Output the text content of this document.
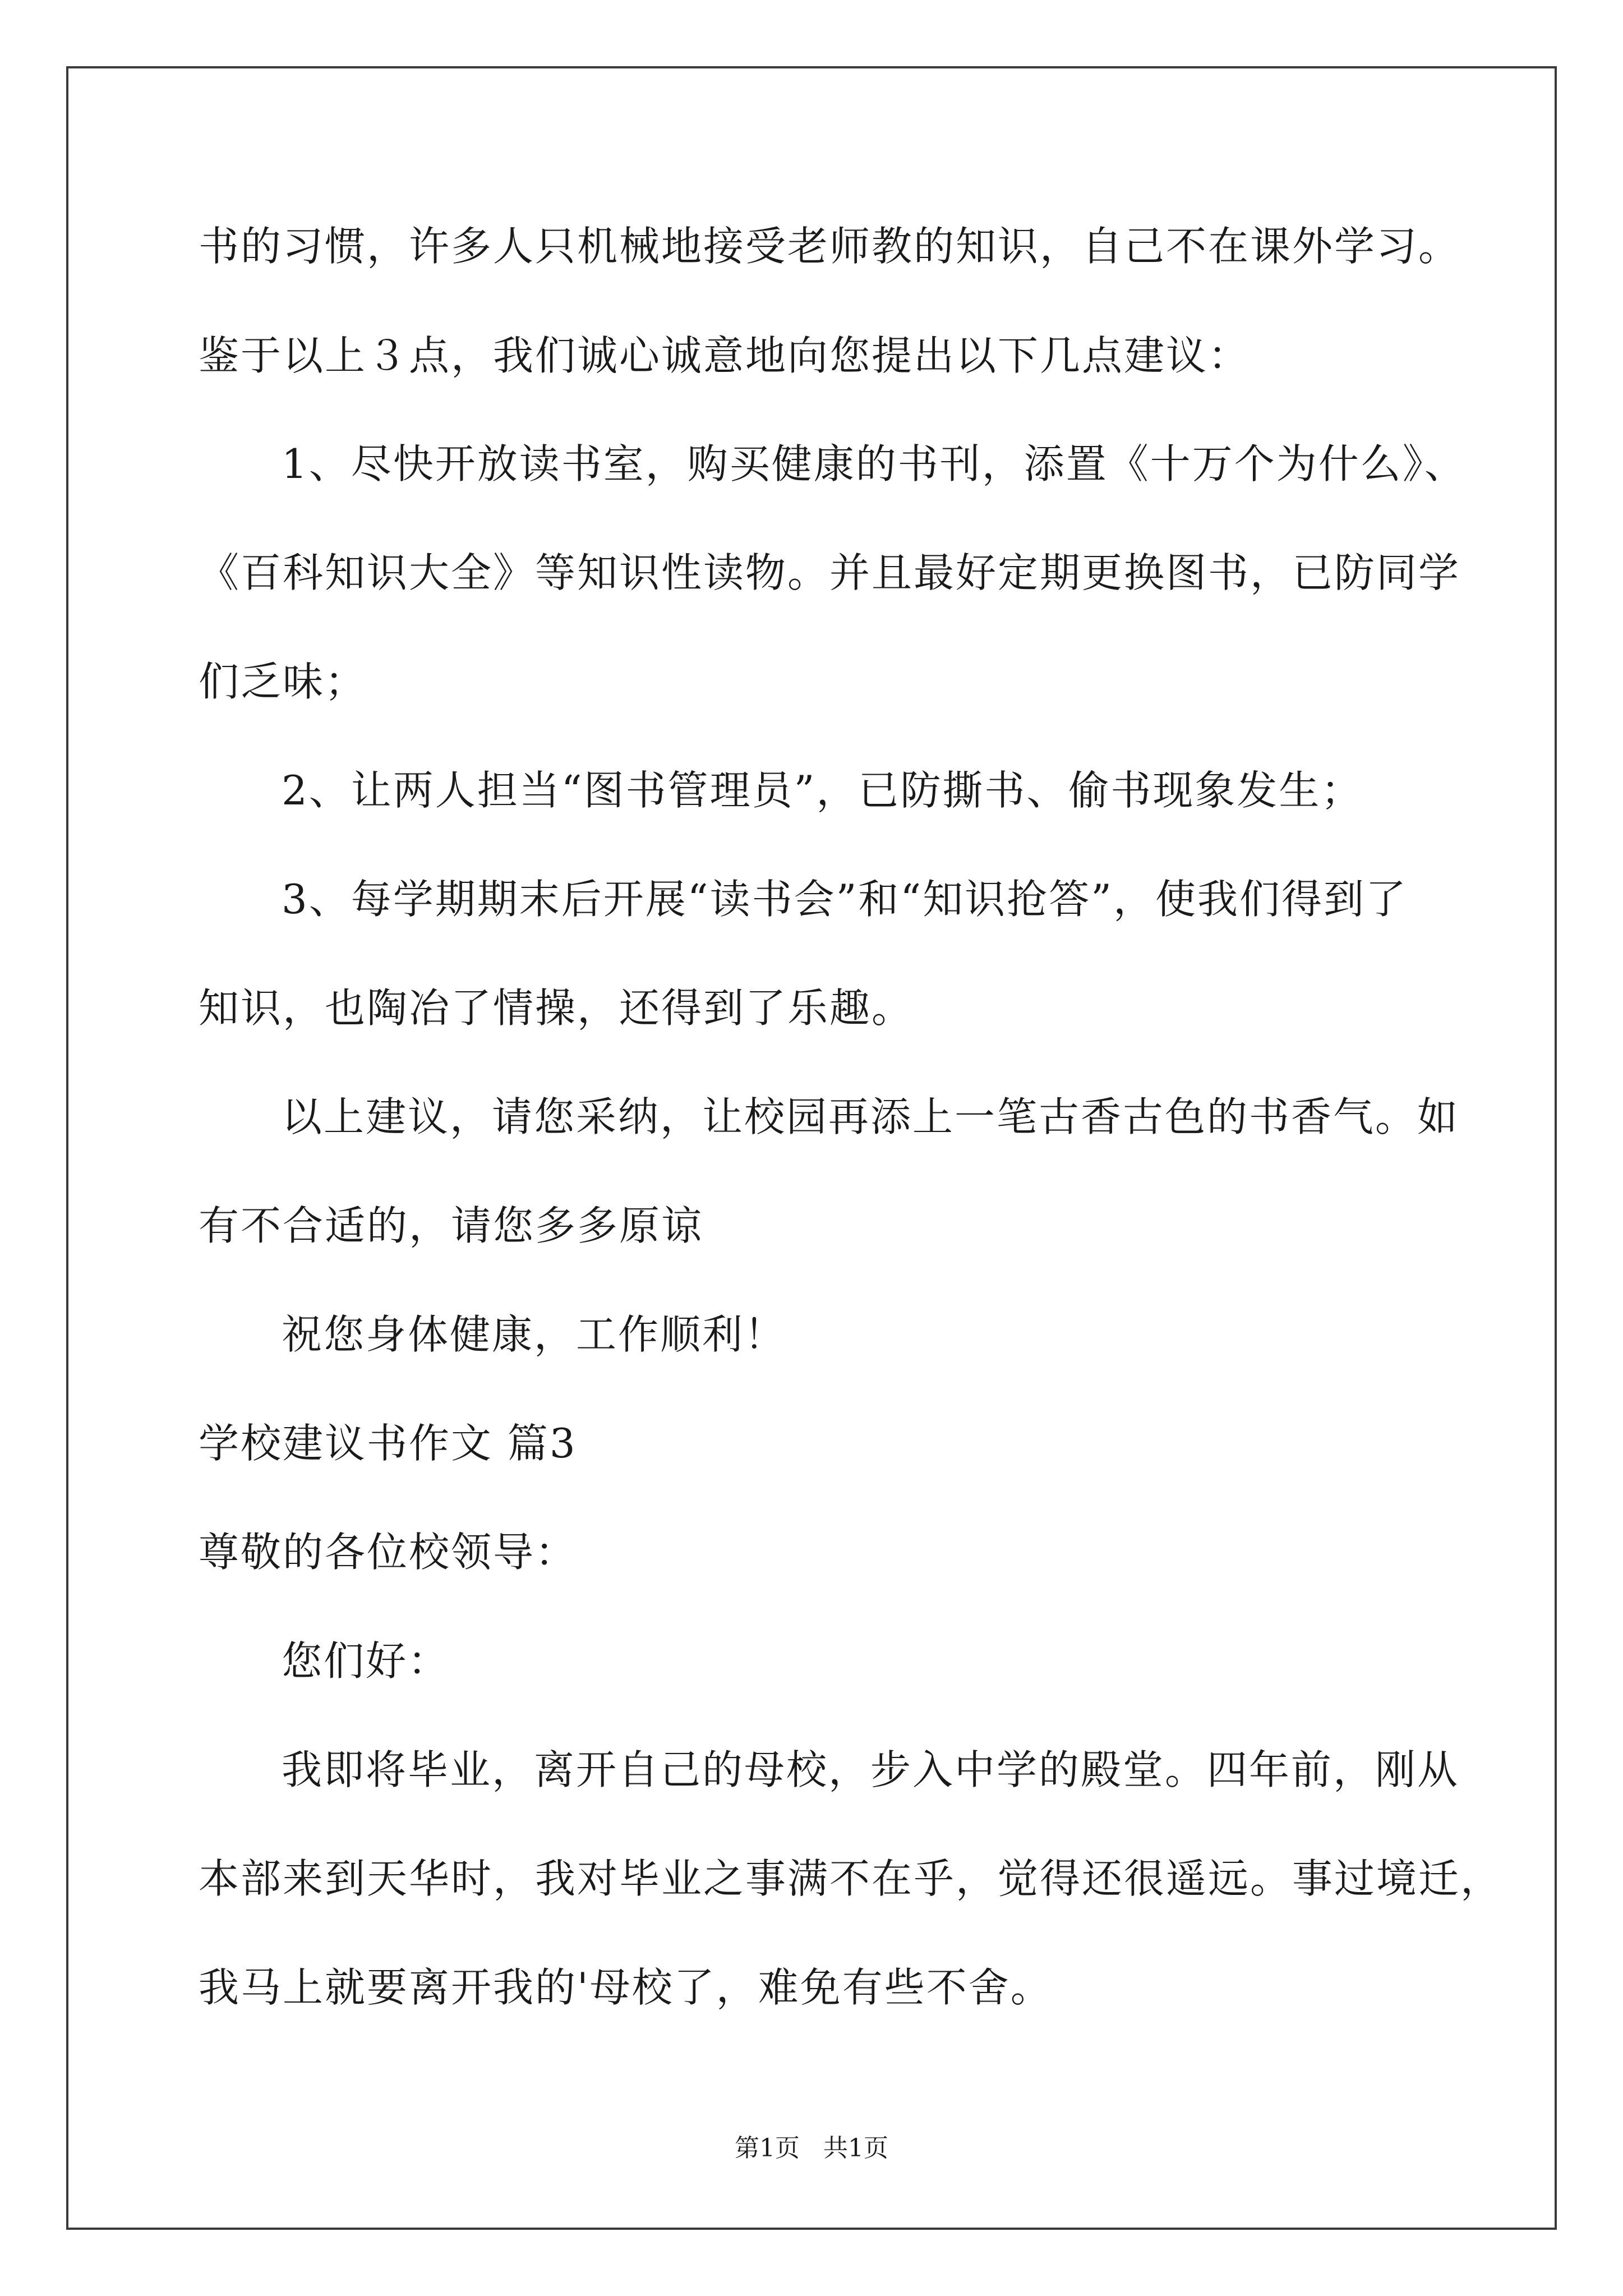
书的习惯，许多人只机械地接受老师教的知识，自己不在课外学习。
鉴于以上３点，我们诚心诚意地向您提出以下几点建议：
1、尽快开放读书室，购买健康的书刊，添置《十万个为什么》、
《百科知识大全》等知识性读物。并且最好定期更换图书，已防同学
们乏味；
2、让两人担当“图书管理员”，已防撕书、偷书现象发生；
3、每学期期末后开展“读书会”和“知识抢答”，使我们得到了
知识，也陶冶了情操，还得到了乐趣。
以上建议，请您采纳，让校园再添上一笔古香古色的书香气。如
有不合适的，请您多多原谅
祝您身体健康，工作顺利！
学校建议书作文 篇3
尊敬的各位校领导：
您们好：
我即将毕业，离开自己的母校，步入中学的殿堂。四年前，刚从
本部来到天华时，我对毕业之事满不在乎，觉得还很遥远。事过境迁，
我马上就要离开我的'母校了，难免有些不舍。
第1页 共1页
